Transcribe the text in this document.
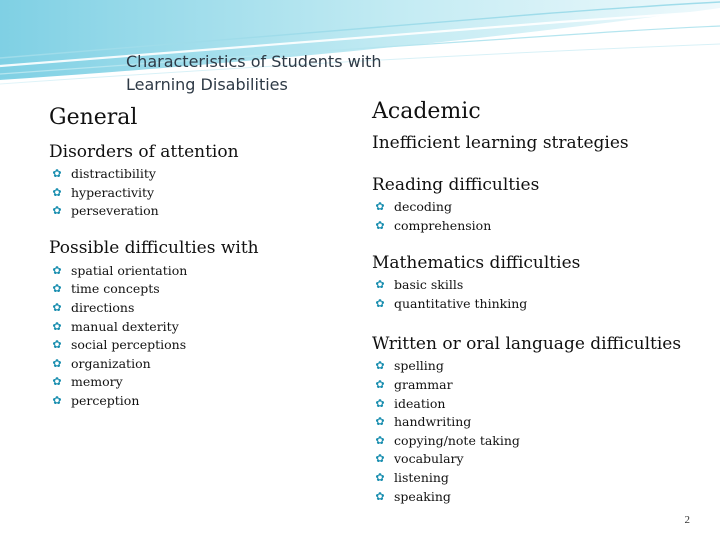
Characteristics of Students with Learning Disabilities
General
Disorders of attention
✿ distractibility
✿ hyperactivity
✿ perseveration
Possible difficulties with
✿ spatial orientation
✿ time concepts
✿ directions
✿ manual dexterity
✿ social perceptions
✿ organization
✿ memory
✿ perception
Academic
Inefficient learning strategies
Reading difficulties
✿ decoding
✿ comprehension
Mathematics difficulties
✿ basic skills
✿ quantitative thinking
Written or oral language difficulties
✿ spelling
✿ grammar
✿ ideation
✿ handwriting
✿ copying/note taking
✿ vocabulary
✿ listening
✿ speaking
2
